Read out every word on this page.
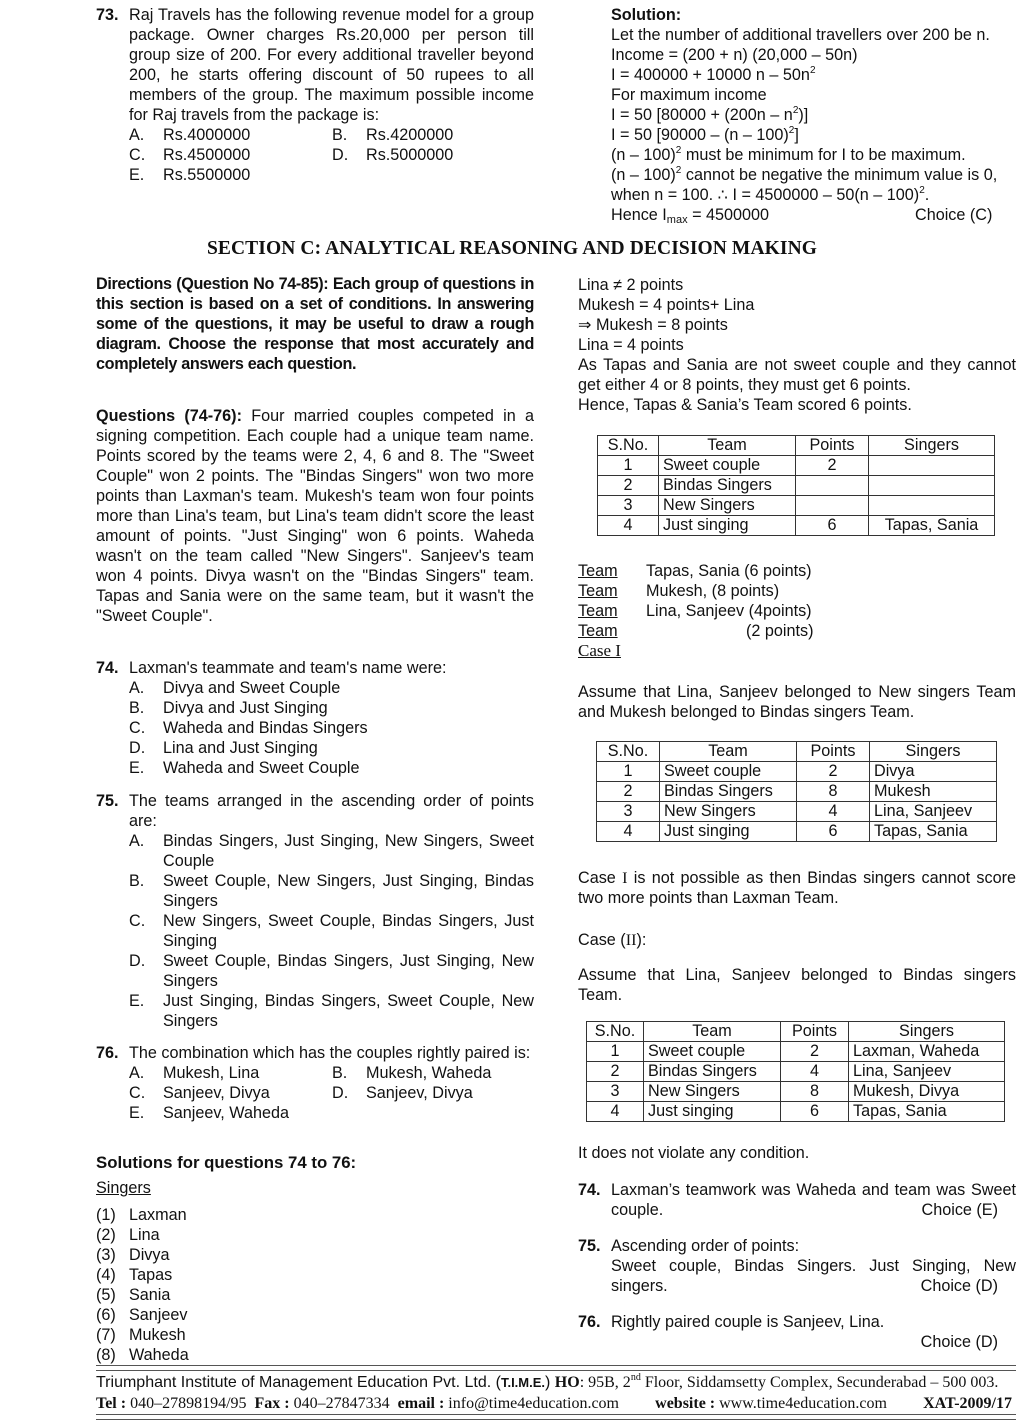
73. Raj Travels has the following revenue model for a group package. Owner charges Rs.20,000 per person till group size of 200. For every additional traveller beyond 200, he starts offering discount of 50 rupees to all members of the group. The maximum possible income for Raj travels from the package is:
A. Rs.4000000	B. Rs.4200000
C. Rs.4500000	D. Rs.5000000
E. Rs.5500000
Solution:
Let the number of additional travellers over 200 be n.
Income = (200 + n) (20,000 – 50n)
I = 400000 + 10000 n – $50n^2$
For maximum income
I = 50 $[80000 + (200n - n^2)]$
I = 50 [90000 – (n – 100)$^2$]
(n – 100)$^2$ must be minimum for I to be maximum.
(n – 100)$^2$ cannot be negative the minimum value is 0,
when n = 100. ∴ I = 4500000 – 50(n – 100)$^2$.
Hence $I_{max} = 4500000$	Choice (C)
SECTION C: ANALYTICAL REASONING AND DECISION MAKING
Directions (Question No 74-85): Each group of questions in this section is based on a set of conditions. In answering some of the questions, it may be useful to draw a rough diagram. Choose the response that most accurately and completely answers each question.
Questions (74-76): Four married couples competed in a signing competition. Each couple had a unique team name. Points scored by the teams were 2, 4, 6 and 8. The "Sweet Couple" won 2 points. The "Bindas Singers" won two more points than Laxman's team. Mukesh's team won four points more than Lina's team, but Lina's team didn't score the least amount of points. "Just Singing" won 6 points. Waheda wasn't on the team called "New Singers". Sanjeev's team won 4 points. Divya wasn't on the "Bindas Singers" team. Tapas and Sania were on the same team, but it wasn't the "Sweet Couple".
74. Laxman's teammate and team's name were:
A. Divya and Sweet Couple
B. Divya and Just Singing
C. Waheda and Bindas Singers
D. Lina and Just Singing
E. Waheda and Sweet Couple
75. The teams arranged in the ascending order of points are:
A. Bindas Singers, Just Singing, New Singers, Sweet Couple
B. Sweet Couple, New Singers, Just Singing, Bindas Singers
C. New Singers, Sweet Couple, Bindas Singers, Just Singing
D. Sweet Couple, Bindas Singers, Just Singing, New Singers
E. Just Singing, Bindas Singers, Sweet Couple, New Singers
76. The combination which has the couples rightly paired is:
A. Mukesh, Lina	B. Mukesh, Waheda
C. Sanjeev, Divya	D. Sanjeev, Divya
E. Sanjeev, Waheda
Solutions for questions 74 to 76:
Singers
(1) Laxman
(2) Lina
(3) Divya
(4) Tapas
(5) Sania
(6) Sanjeev
(7) Mukesh
(8) Waheda
Lina ≠ 2 points
Mukesh = 4 points+ Lina
⇒ Mukesh = 8 points
Lina = 4 points
As Tapas and Sania are not sweet couple and they cannot get either 4 or 8 points, they must get 6 points.
Hence, Tapas & Sania’s Team scored 6 points.
S.No.	Team	Points	Singers
1	Sweet couple	2	
2	Bindas Singers		
3	New Singers		
4	Just singing	6	Tapas, Sania
Team	Tapas, Sania (6 points)
Team	Mukesh, (8 points)
Team	Lina, Sanjeev (4points)
Team	(2 points)
Case I
Assume that Lina, Sanjeev belonged to New singers Team and Mukesh belonged to Bindas singers Team.
S.No.	Team	Points	Singers
1	Sweet couple	2	Divya
2	Bindas Singers	8	Mukesh
3	New Singers	4	Lina, Sanjeev
4	Just singing	6	Tapas, Sania
Case I is not possible as then Bindas singers cannot score two more points than Laxman Team.
Case (II):
Assume that Lina, Sanjeev belonged to Bindas singers Team.
S.No.	Team	Points	Singers
1	Sweet couple	2	Laxman, Waheda
2	Bindas Singers	4	Lina, Sanjeev
3	New Singers	8	Mukesh, Divya
4	Just singing	6	Tapas, Sania
It does not violate any condition.
74. Laxman’s teamwork was Waheda and team was Sweet couple.	Choice (E)
75. Ascending order of points:
Sweet couple, Bindas Singers. Just Singing, New singers.	Choice (D)
76. Rightly paired couple is Sanjeev, Lina.
Choice (D)
Triumphant Institute of Management Education Pvt. Ltd. (T.I.M.E.) HO: 95B, 2nd Floor, Siddamsetty Complex, Secunderabad – 500 003.
Tel : 040–27898194/95 Fax : 040–27847334 email : info@time4education.com website : www.time4education.com XAT-2009/17
